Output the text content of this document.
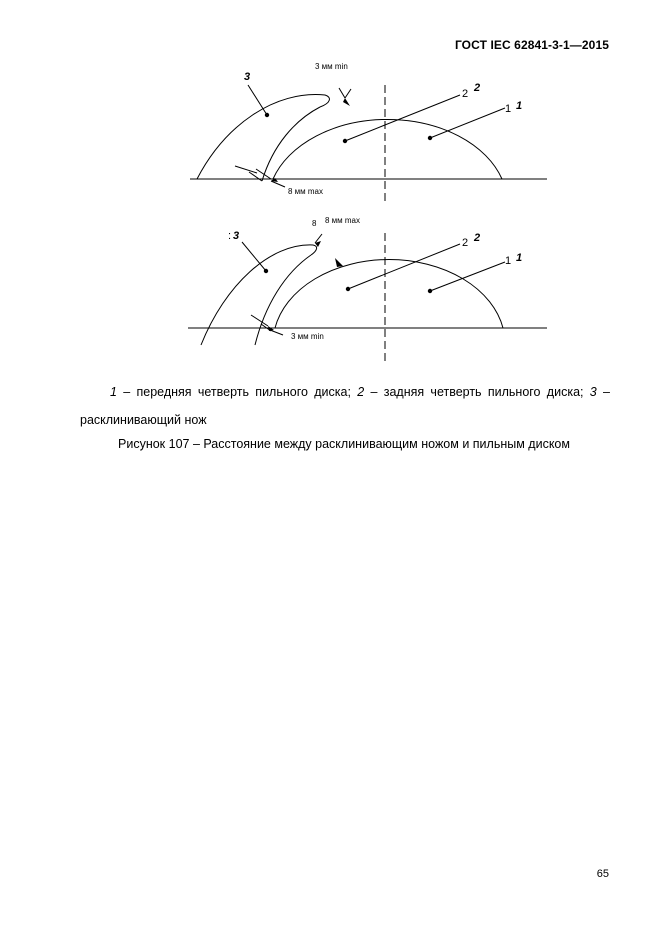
ГОСТ IEC 62841-3-1—2015
3 мм min
8 мм max
2 2
1 1
3
8 8 мм max
3 мм min
2 2
1 1
: 3
1 – передняя четверть пильного диска; 2 – задняя четверть пильного диска; 3 –
расклинивающий нож
Рисунок 107 – Расстояние между расклинивающим ножом и пильным диском
65
